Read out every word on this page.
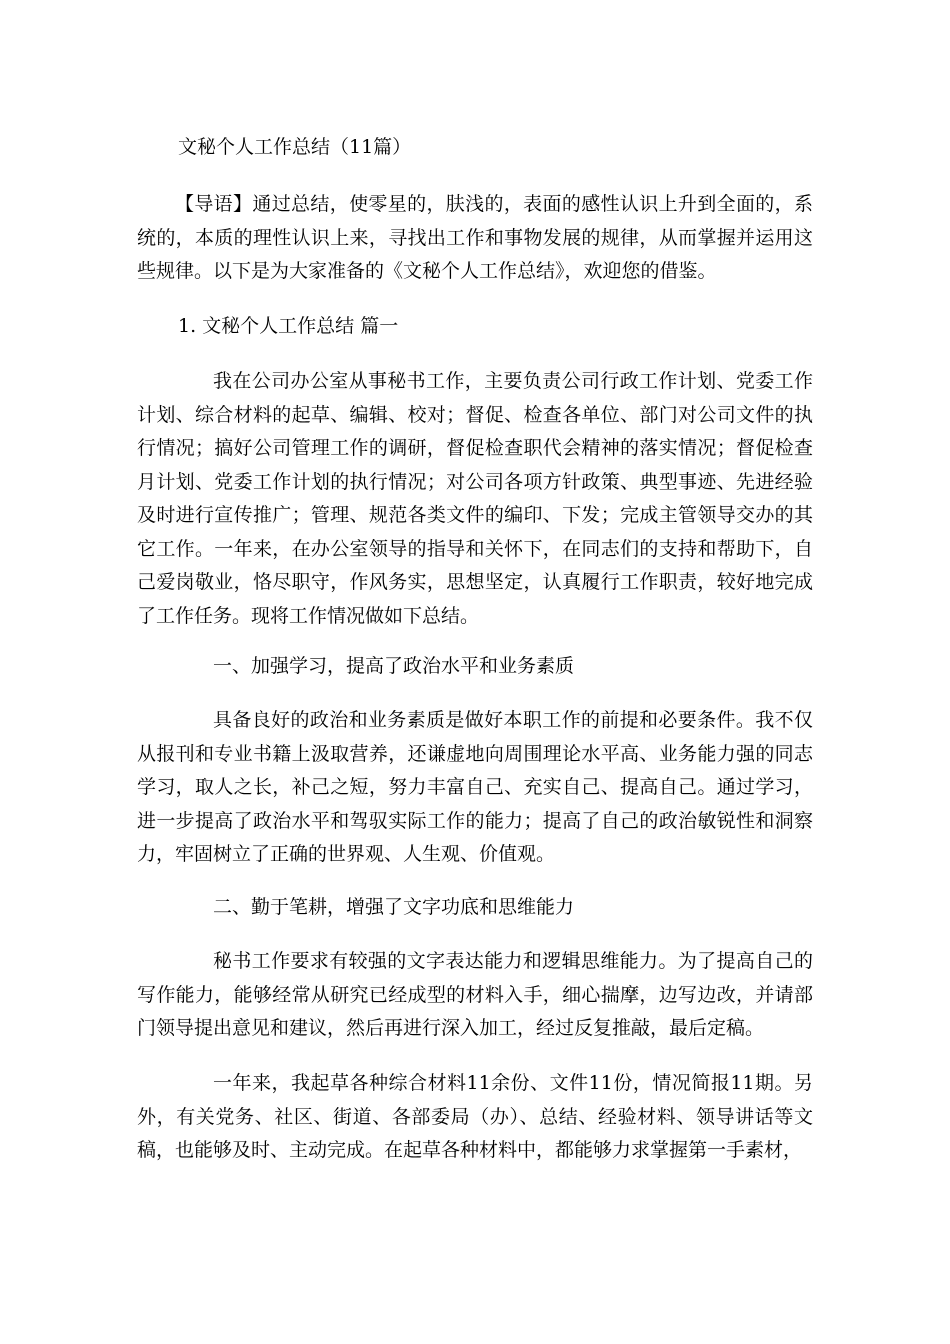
文秘个人工作总结（11篇）

【导语】通过总结，使零星的，肤浅的，表面的感性认识上升到全面的，系统的，本质的理性认识上来，寻找出工作和事物发展的规律，从而掌握并运用这些规律。以下是为大家准备的《文秘个人工作总结》，欢迎您的借鉴。

1. 文秘个人工作总结 篇一

我在公司办公室从事秘书工作，主要负责公司行政工作计划、党委工作计划、综合材料的起草、编辑、校对；督促、检查各单位、部门对公司文件的执行情况；搞好公司管理工作的调研，督促检查职代会精神的落实情况；督促检查月计划、党委工作计划的执行情况；对公司各项方针政策、典型事迹、先进经验及时进行宣传推广；管理、规范各类文件的编印、下发；完成主管领导交办的其它工作。一年来，在办公室领导的指导和关怀下，在同志们的支持和帮助下，自己爱岗敬业，恪尽职守，作风务实，思想坚定，认真履行工作职责，较好地完成了工作任务。现将工作情况做如下总结。

一、加强学习，提高了政治水平和业务素质

具备良好的政治和业务素质是做好本职工作的前提和必要条件。我不仅从报刊和专业书籍上汲取营养，还谦虚地向周围理论水平高、业务能力强的同志学习，取人之长，补己之短，努力丰富自己、充实自己、提高自己。通过学习，进一步提高了政治水平和驾驭实际工作的能力；提高了自己的政治敏锐性和洞察力，牢固树立了正确的世界观、人生观、价值观。

二、勤于笔耕，增强了文字功底和思维能力

秘书工作要求有较强的文字表达能力和逻辑思维能力。为了提高自己的写作能力，能够经常从研究已经成型的材料入手，细心揣摩，边写边改，并请部门领导提出意见和建议，然后再进行深入加工，经过反复推敲，最后定稿。

一年来，我起草各种综合材料11余份、文件11份，情况简报11期。另外，有关党务、社区、街道、各部委局（办）、总结、经验材料、领导讲话等文稿，也能够及时、主动完成。在起草各种材料中，都能够力求掌握第一手素材，
